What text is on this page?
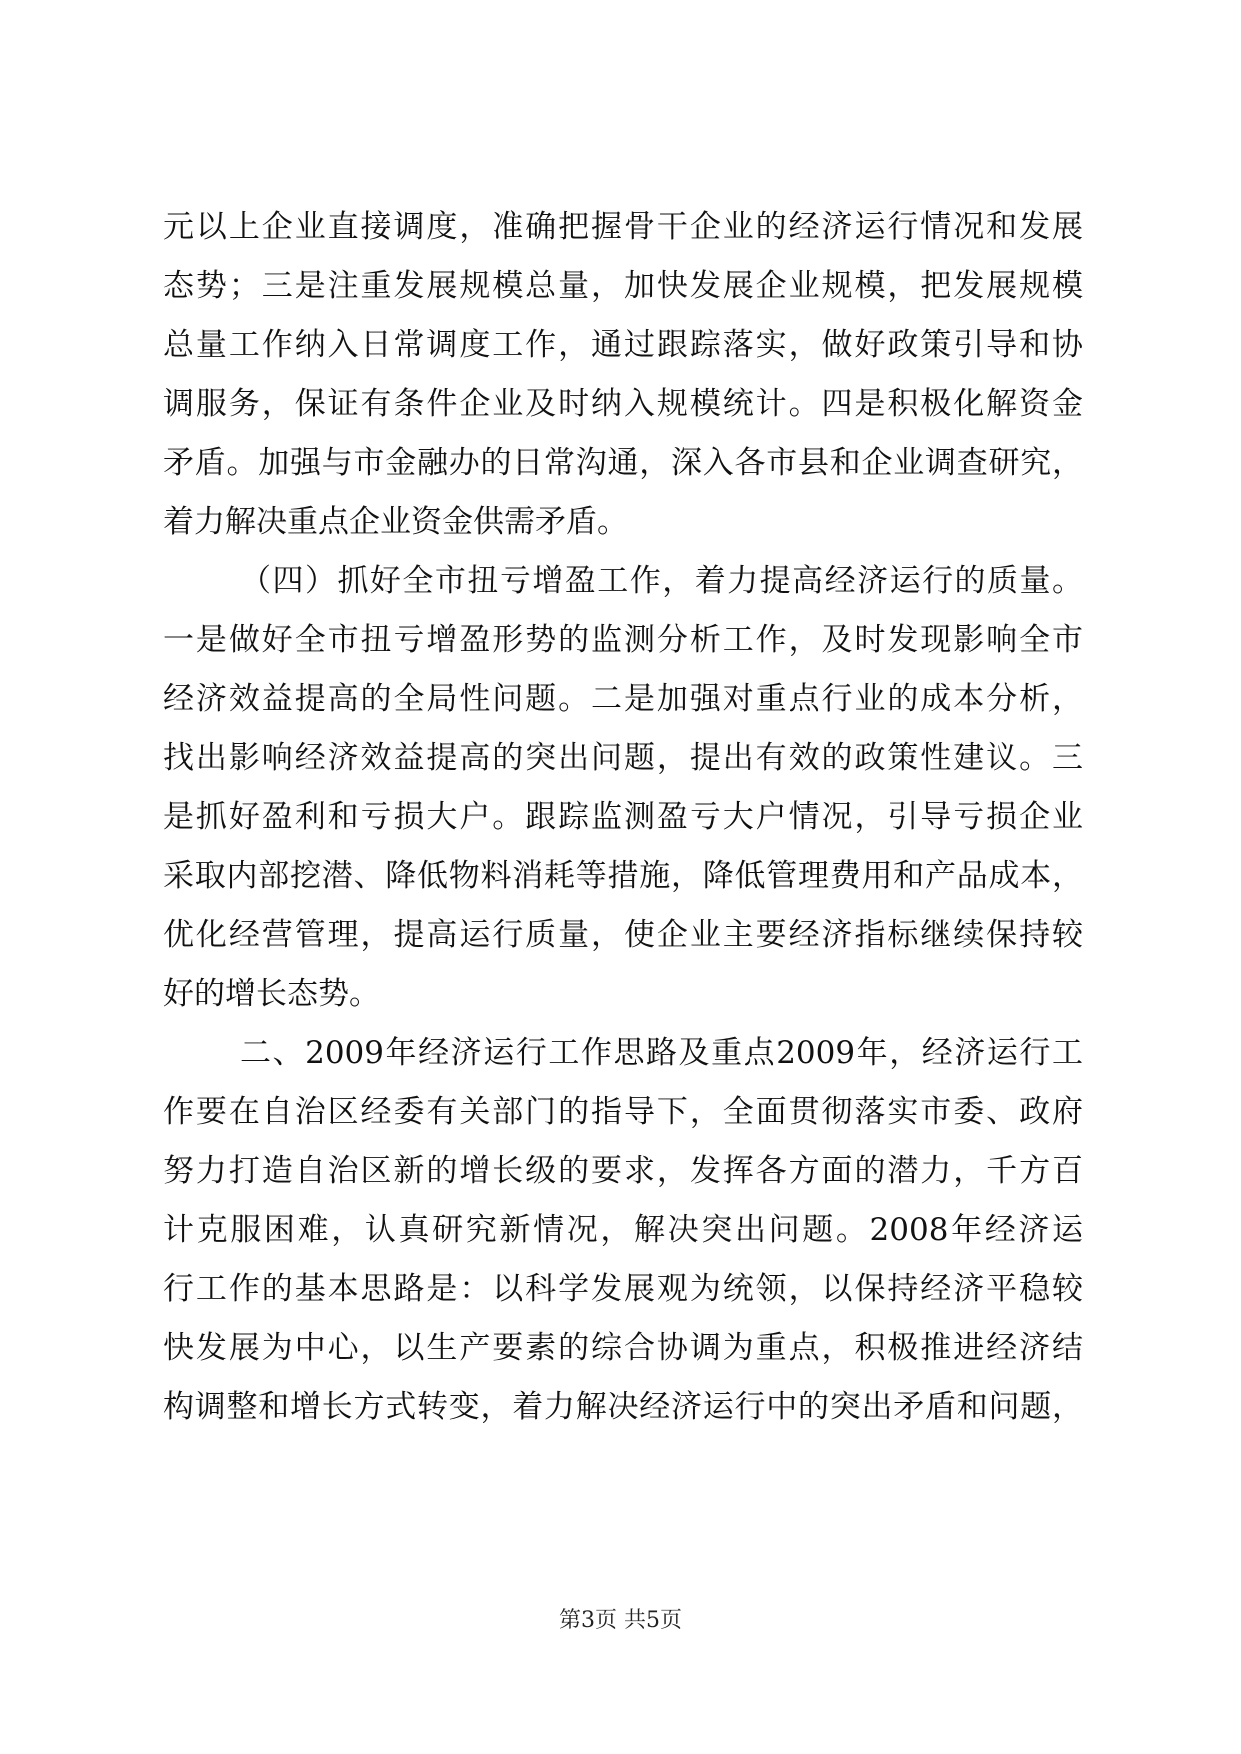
元以上企业直接调度，准确把握骨干企业的经济运行情况和发展
态势；三是注重发展规模总量，加快发展企业规模，把发展规模
总量工作纳入日常调度工作，通过跟踪落实，做好政策引导和协
调服务，保证有条件企业及时纳入规模统计。四是积极化解资金
矛盾。加强与市金融办的日常沟通，深入各市县和企业调查研究，
着力解决重点企业资金供需矛盾。
（四）抓好全市扭亏增盈工作，着力提高经济运行的质量。
一是做好全市扭亏增盈形势的监测分析工作，及时发现影响全市
经济效益提高的全局性问题。二是加强对重点行业的成本分析，
找出影响经济效益提高的突出问题，提出有效的政策性建议。三
是抓好盈利和亏损大户。跟踪监测盈亏大户情况，引导亏损企业
采取内部挖潜、降低物料消耗等措施，降低管理费用和产品成本，
优化经营管理，提高运行质量，使企业主要经济指标继续保持较
好的增长态势。
二、2009年经济运行工作思路及重点2009年，经济运行工
作要在自治区经委有关部门的指导下，全面贯彻落实市委、政府
努力打造自治区新的增长级的要求，发挥各方面的潜力，千方百
计克服困难，认真研究新情况，解决突出问题。2008年经济运
行工作的基本思路是：以科学发展观为统领，以保持经济平稳较
快发展为中心，以生产要素的综合协调为重点，积极推进经济结
构调整和增长方式转变，着力解决经济运行中的突出矛盾和问题，
第3页 共5页
